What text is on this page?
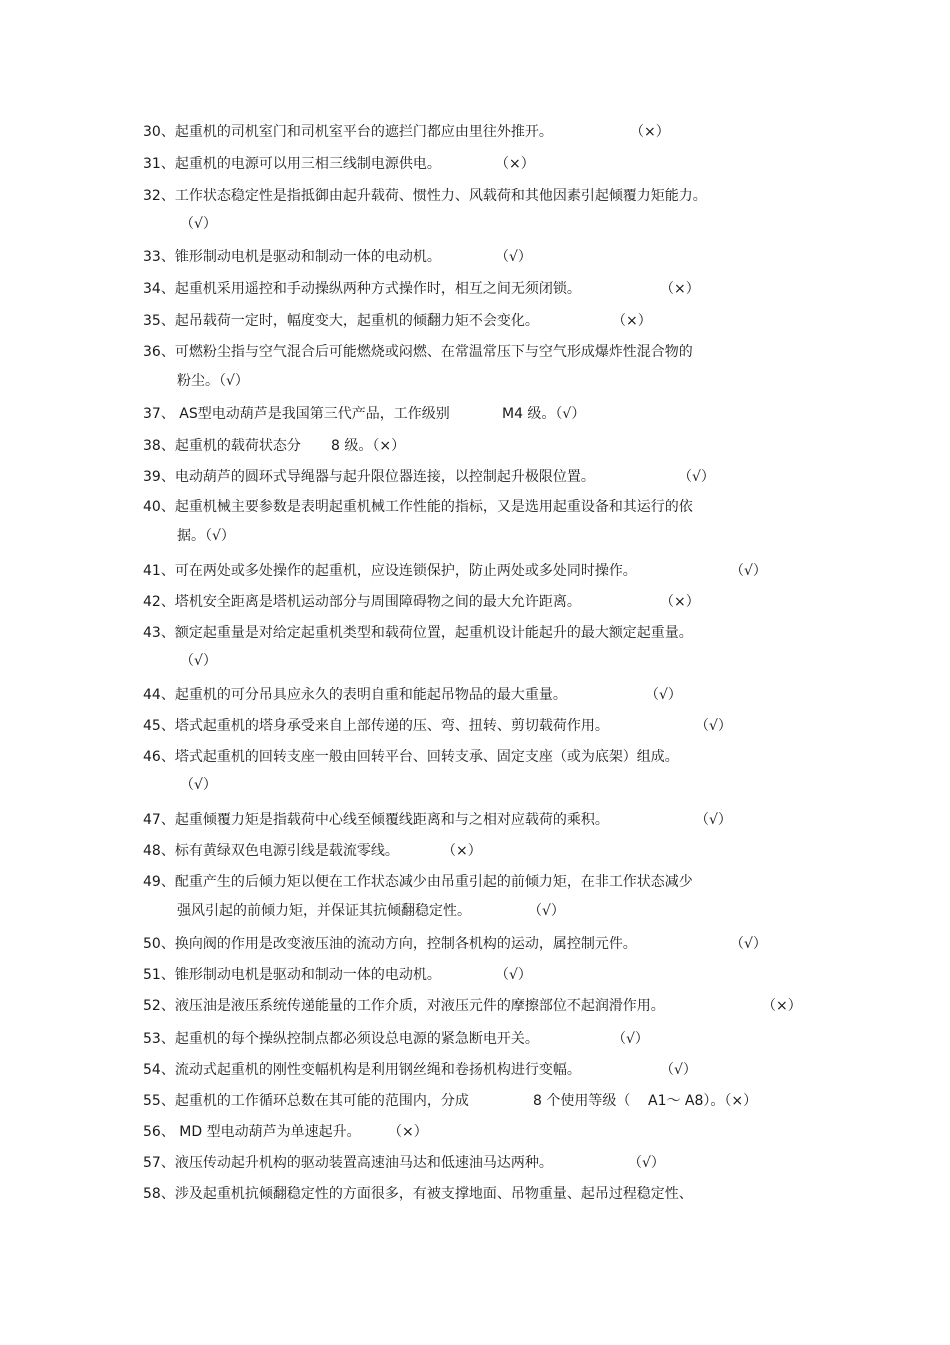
30、起重机的司机室门和司机室平台的遮拦门都应由里往外推开。	（×）
31、起重机的电源可以用三相三线制电源供电。	（×）
32、工作状态稳定性是指抵御由起升载荷、惯性力、风载荷和其他因素引起倾覆力矩能力。
（√）
33、锥形制动电机是驱动和制动一体的电动机。	（√）
34、起重机采用遥控和手动操纵两种方式操作时，相互之间无须闭锁。	（×）
35、起吊载荷一定时，幅度变大，起重机的倾翻力矩不会变化。	（×）
36、可燃粉尘指与空气混合后可能燃烧或闷燃、在常温常压下与空气形成爆炸性混合物的
粉尘。（√）
37、 AS型电动葫芦是我国第三代产品，工作级别	M4 级。（√）
38、起重机的载荷状态分 8 级。（×）
39、电动葫芦的圆环式导绳器与起升限位器连接，以控制起升极限位置。	（√）
40、起重机械主要参数是表明起重机械工作性能的指标，又是选用起重设备和其运行的依
据。（√）
41、可在两处或多处操作的起重机，应设连锁保护，防止两处或多处同时操作。	（√）
42、塔机安全距离是塔机运动部分与周围障碍物之间的最大允许距离。	（×）
43、额定起重量是对给定起重机类型和载荷位置，起重机设计能起升的最大额定起重量。
（√）
44、起重机的可分吊具应永久的表明自重和能起吊物品的最大重量。	（√）
45、塔式起重机的塔身承受来自上部传递的压、弯、扭转、剪切载荷作用。	（√）
46、塔式起重机的回转支座一般由回转平台、回转支承、固定支座（或为底架）组成。
（√）
47、起重倾覆力矩是指载荷中心线至倾覆线距离和与之相对应载荷的乘积。	（√）
48、标有黄绿双色电源引线是载流零线。	（×）
49、配重产生的后倾力矩以便在工作状态减少由吊重引起的前倾力矩，在非工作状态减少
强风引起的前倾力矩，并保证其抗倾翻稳定性。	（√）
50、换向阀的作用是改变液压油的流动方向，控制各机构的运动，属控制元件。	（√）
51、锥形制动电机是驱动和制动一体的电动机。	（√）
52、液压油是液压系统传递能量的工作介质，对液压元件的摩擦部位不起润滑作用。	（×）
53、起重机的每个操纵控制点都必须设总电源的紧急断电开关。	（√）
54、流动式起重机的刚性变幅机构是利用钢丝绳和卷扬机构进行变幅。	（√）
55、起重机的工作循环总数在其可能的范围内，分成	8 个使用等级（ A1～ A8）。（×）
56、 MD 型电动葫芦为单速起升。 （×）
57、液压传动起升机构的驱动装置高速油马达和低速油马达两种。	（√）
58、涉及起重机抗倾翻稳定性的方面很多，有被支撑地面、吊物重量、起吊过程稳定性、
